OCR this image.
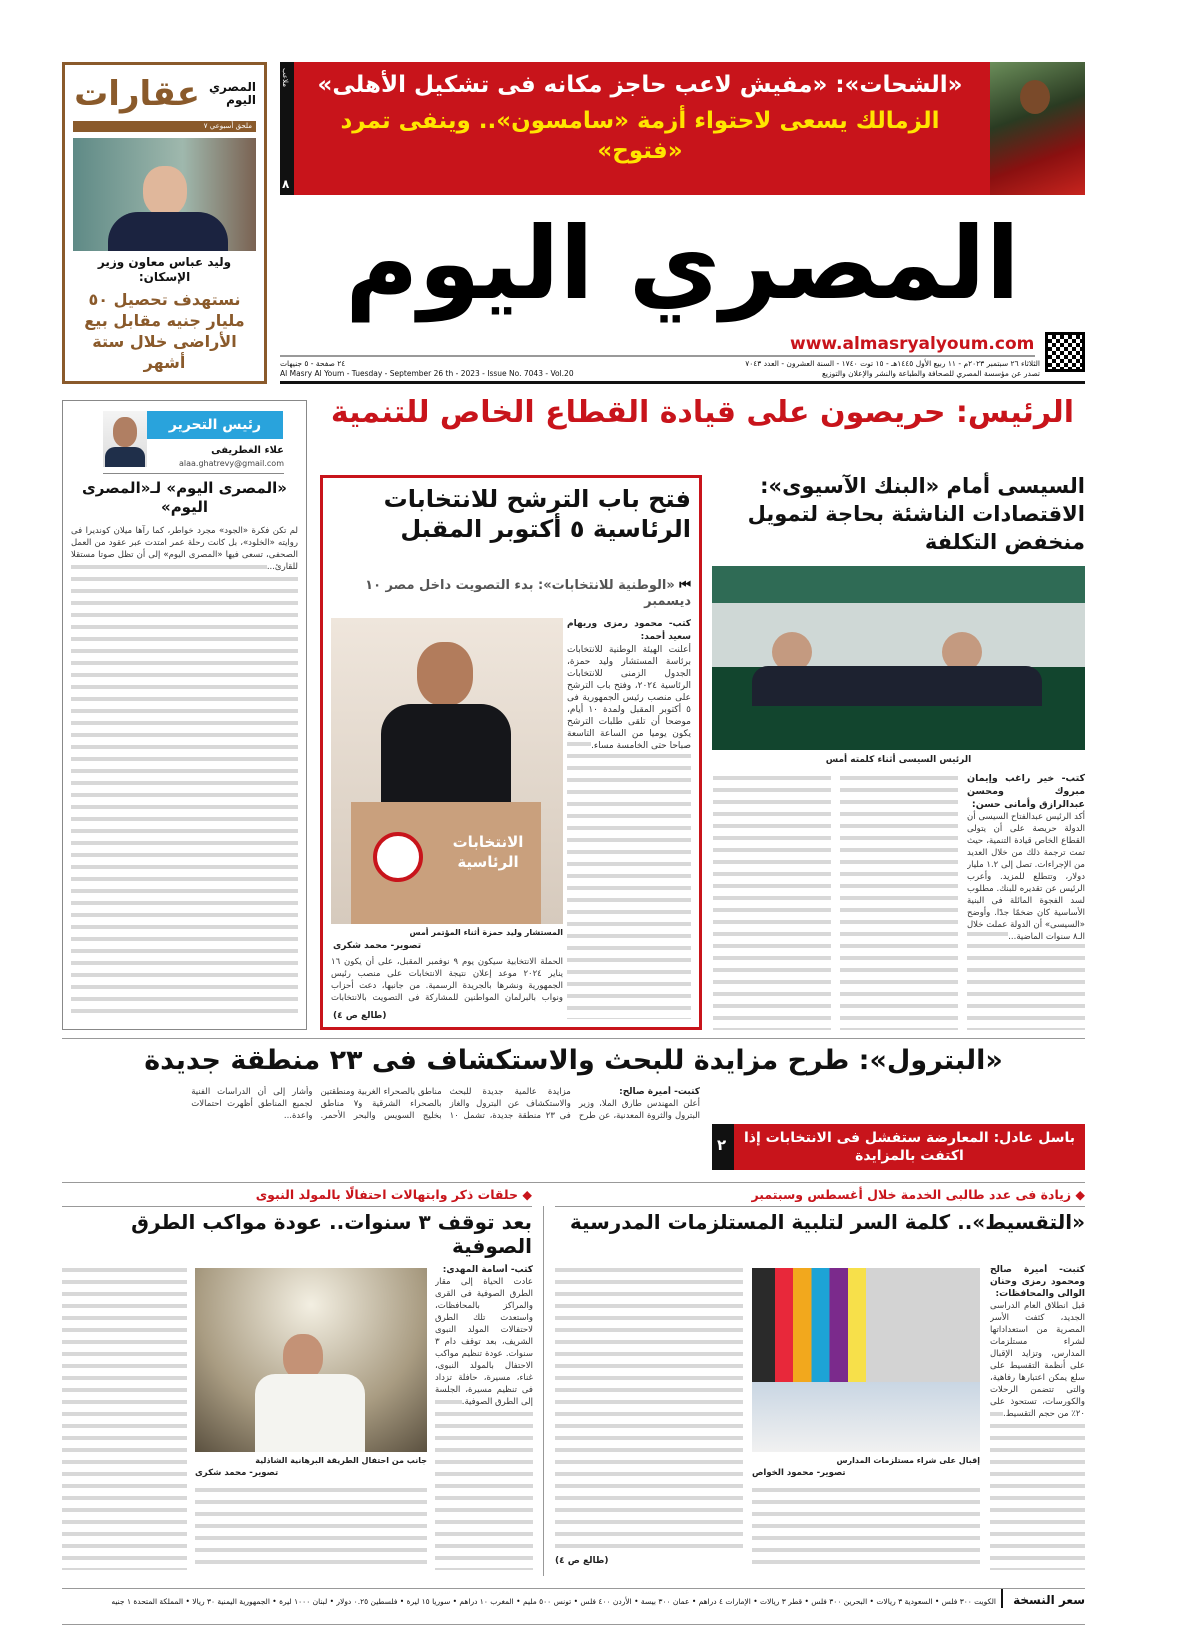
٨
ملاعب	«الشحات»: «مفيش لاعب حاجز مكانه فى تشكيل الأهلى»
الزمالك يسعى لاحتواء أزمة «سامسون».. وينفى تمرد «فتوح»
عقارات المصري اليوم
ملحق أسبوعي ٧
وليد عباس معاون وزير الإسكان:
نستهدف تحصيل ٥٠ مليار جنيه مقابل بيع الأراضى خلال ستة أشهر
المصري اليوم
www.almasryalyoum.com
الثلاثاء ٢٦ سبتمبر ٢٠٢٣م - ١١ ربيع الأول ١٤٤٥هـ - ١٥ توت ١٧٤٠ - السنة العشرون - العدد ٧٠٤٣
٢٤ صفحة - ٥ جنيهات
Al Masry Al Youm - Tuesday - September 26 th - 2023 - Issue No. 7043 - Vol.20	تصدر عن مؤسسة المصري للصحافة والطباعة والنشر والإعلان والتوزيع
الرئيس: حريصون على قيادة القطاع الخاص للتنمية
رئيس التحرير
علاء الغطريفى
alaa.ghatrevy@gmail.com
«المصرى اليوم» لـ«المصرى اليوم»
لم تكن فكرة «الجود» مجرد خواطر، كما رآها ميلان كونديرا فى روايته «الخلود»، بل كانت رحلة عمر امتدت عبر عقود من العمل الصحفى، تسعى فيها «المصرى اليوم» إلى أن تظل صوتا مستقلا للقارئ...
السيسى أمام «البنك الآسيوى»: الاقتصادات الناشئة بحاجة لتمويل منخفض التكلفة
الرئيس السيسى أثناء كلمته أمس
كتب- خير راغب وإيمان مبروك ومحسن عبدالرازق وأمانى حسن:
أكد الرئيس عبدالفتاح السيسى أن الدولة حريصة على أن يتولى القطاع الخاص قيادة التنمية، حيث تمت ترجمة ذلك من خلال العديد من الإجراءات. تصل إلى ١.٢ مليار دولار، وتتطلع للمزيد. وأعرب الرئيس عن تقديره للبنك. مطلوب لسد الفجوة المائلة فى البنية الأساسية كان ضخمًا جدًا. وأوضح «السيسى» أن الدولة عملت خلال الـ٨ سنوات الماضية...
فتح باب الترشح للانتخابات الرئاسية ٥ أكتوبر المقبل
⏮ «الوطنية للانتخابات»: بدء التصويت داخل مصر ١٠ ديسمبر
الانتخابات الرئاسية
كتب- محمود رمزى وريهام سعيد أحمد:
أعلنت الهيئة الوطنية للانتخابات برئاسة المستشار وليد حمزة، الجدول الزمنى للانتخابات الرئاسية ٢٠٢٤، وفتح باب الترشح على منصب رئيس الجمهورية فى ٥ أكتوبر المقبل ولمدة ١٠ أيام، موضحا أن تلقى طلبات الترشح يكون يوميا من الساعة التاسعة صباحا حتى الخامسة مساء.
المستشار وليد حمزة أثناء المؤتمر أمس
تصوير- محمد شكرى
الحملة الانتخابية سيكون يوم ٩ نوفمبر المقبل، على أن يكون ١٦ يناير ٢٠٢٤ موعد إعلان نتيجة الانتخابات على منصب رئيس الجمهورية ونشرها بالجريدة الرسمية. من جانبها، دعت أحزاب ونواب بالبرلمان المواطنين للمشاركة فى التصويت بالانتخابات
(طالع ص ٤)
«البترول»: طرح مزايدة للبحث والاستكشاف فى ٢٣ منطقة جديدة
كتبت- أميرة صالح:
أعلن المهندس طارق الملا، وزير البترول والثروة المعدنية، عن طرح مزايدة عالمية جديدة للبحث والاستكشاف عن البترول والغاز فى ٢٣ منطقة جديدة، تشمل ١٠ مناطق بالصحراء الغربية ومنطقتين بالصحراء الشرقية و٧ مناطق بخليج السويس والبحر الأحمر. وأشار إلى أن الدراسات الفنية لجميع المناطق أظهرت احتمالات واعدة...
٢ باسل عادل: المعارضة ستفشل فى الانتخابات إذا اكتفت بالمزايدة
◆ زيادة فى عدد طالبى الخدمة خلال أغسطس وسبتمبر
◆ حلقات ذكر وابتهالات احتفالًا بالمولد النبوى
«التقسيط».. كلمة السر لتلبية المستلزمات المدرسية
بعد توقف ٣ سنوات.. عودة مواكب الطرق الصوفية
كتبت- أميرة صالح ومحمود رمزى وحنان الوالى والمحافظات:
قبل انطلاق العام الدراسى الجديد، كثفت الأسر المصرية من استعداداتها لشراء مستلزمات المدارس، وتزايد الإقبال على أنظمة التقسيط على سلع يمكن اعتبارها رفاهية، والتى تتضمن الرحلات والكورسات، تستحوذ على ٢٠٪ من حجم التقسيط.
إقبال على شراء مستلزمات المدارس
تصوير- محمود الخواص
(طالع ص ٤)
كتب- أسامة المهدى:
عادت الحياة إلى مقار الطرق الصوفية فى القرى والمراكز بالمحافظات، واستعدت تلك الطرق لاحتفالات المولد النبوى الشريف، بعد توقف دام ٣ سنوات. عودة تنظيم مواكب الاحتفال بالمولد النبوى، غناء، مسيرة، حافلة تزداد فى تنظيم مسيرة، الجلسة إلى الطرق الصوفية.
جانب من احتفال الطريقة البرهانية الشاذلية
تصوير- محمد شكرى
سعر النسخة الكويت ٣٠٠ فلس • السعودية ٣ ريالات • البحرين ٣٠٠ فلس • قطر ٣ ريالات • الإمارات ٤ دراهم • عمان ٣٠٠ بيسة • الأردن ٤٠٠ فلس • تونس ٥٠٠ مليم • المغرب ١٠ دراهم • سوريا ١٥ ليرة • فلسطين ٠.٢٥ دولار • لبنان ١٠٠٠ ليرة • الجمهورية اليمنية ٣٠ ريالا • المملكة المتحدة ١ جنيه
